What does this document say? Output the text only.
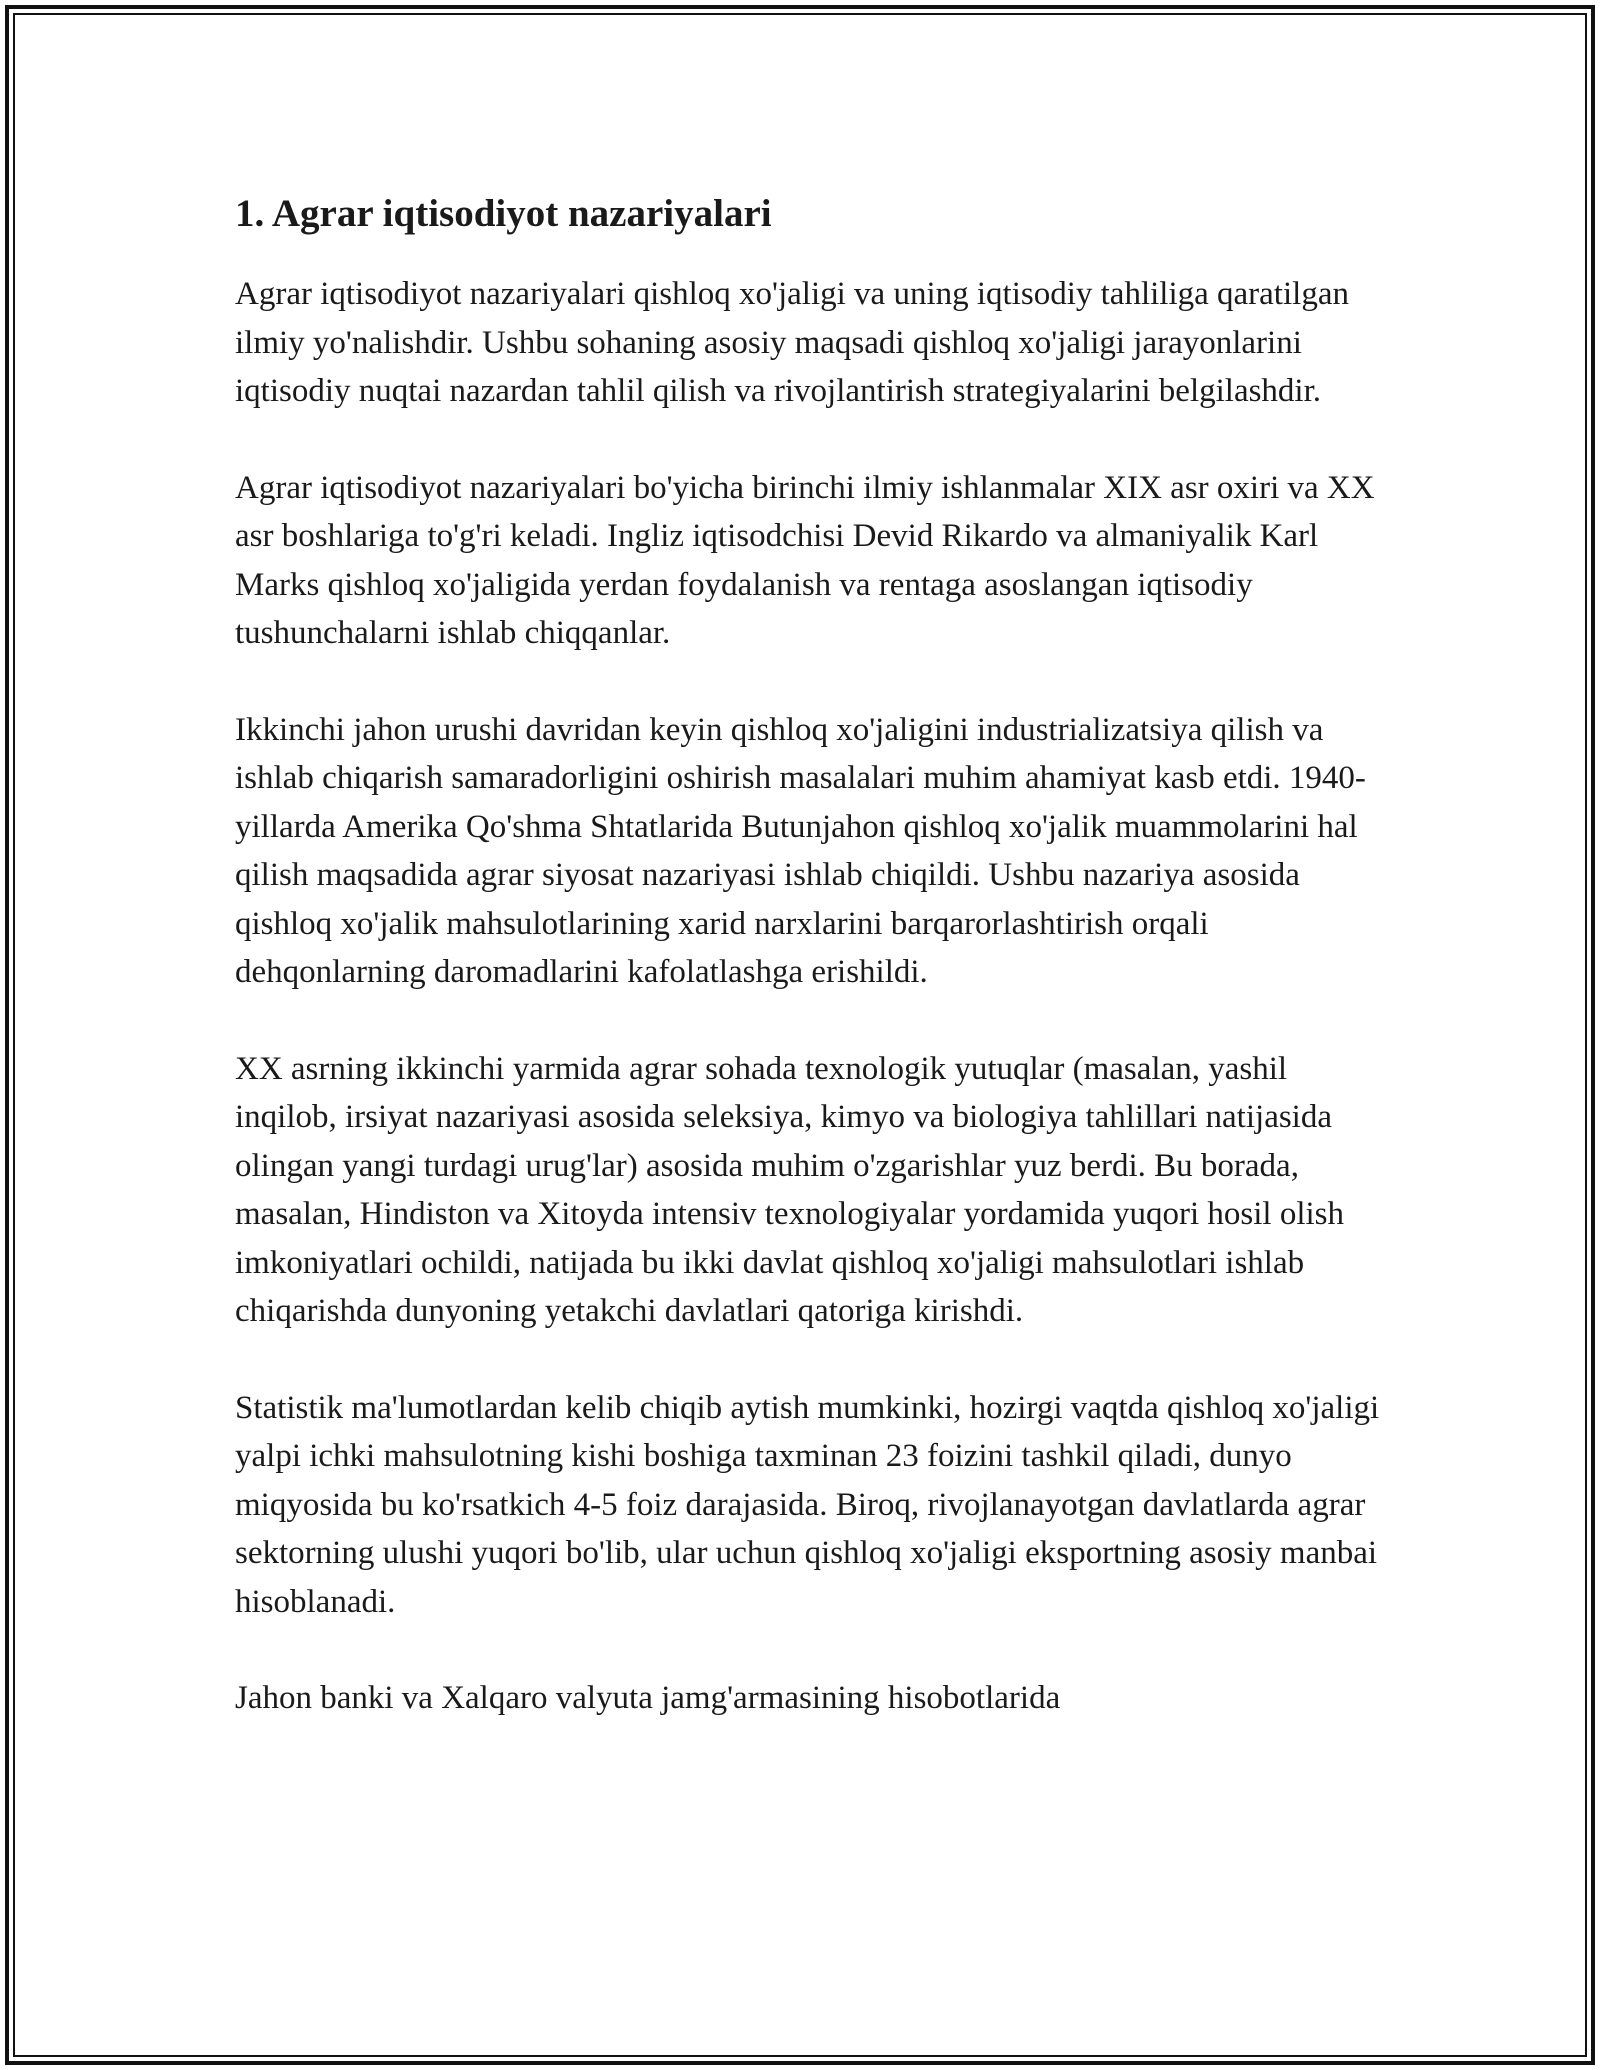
1. Agrar iqtisodiyot nazariyalari

Agrar iqtisodiyot nazariyalari qishloq xo'jaligi va uning iqtisodiy tahliliga qaratilgan ilmiy yo'nalishdir. Ushbu sohaning asosiy maqsadi qishloq xo'jaligi jarayonlarini iqtisodiy nuqtai nazardan tahlil qilish va rivojlantirish strategiyalarini belgilashdir.

Agrar iqtisodiyot nazariyalari bo'yicha birinchi ilmiy ishlanmalar XIX asr oxiri va XX asr boshlariga to'g'ri keladi. Ingliz iqtisodchisi Devid Rikardo va almaniyalik Karl Marks qishloq xo'jaligida yerdan foydalanish va rentaga asoslangan iqtisodiy tushunchalarni ishlab chiqqanlar.

Ikkinchi jahon urushi davridan keyin qishloq xo'jaligini industrializatsiya qilish va ishlab chiqarish samaradorligini oshirish masalalari muhim ahamiyat kasb etdi. 1940-yillarda Amerika Qo'shma Shtatlarida Butunjahon qishloq xo'jalik muammolarini hal qilish maqsadida agrar siyosat nazariyasi ishlab chiqildi. Ushbu nazariya asosida qishloq xo'jalik mahsulotlarining xarid narxlarini barqarorlashtirish orqali dehqonlarning daromadlarini kafolatlashga erishildi.

XX asrning ikkinchi yarmida agrar sohada texnologik yutuqlar (masalan, yashil inqilob, irsiyat nazariyasi asosida seleksiya, kimyo va biologiya tahlillari natijasida olingan yangi turdagi urug'lar) asosida muhim o'zgarishlar yuz berdi. Bu borada, masalan, Hindiston va Xitoyda intensiv texnologiyalar yordamida yuqori hosil olish imkoniyatlari ochildi, natijada bu ikki davlat qishloq xo'jaligi mahsulotlari ishlab chiqarishda dunyoning yetakchi davlatlari qatoriga kirishdi.

Statistik ma'lumotlardan kelib chiqib aytish mumkinki, hozirgi vaqtda qishloq xo'jaligi yalpi ichki mahsulotning kishi boshiga taxminan 23 foizini tashkil qiladi, dunyo miqyosida bu ko'rsatkich 4-5 foiz darajasida. Biroq, rivojlanayotgan davlatlarda agrar sektorning ulushi yuqori bo'lib, ular uchun qishloq xo'jaligi eksportning asosiy manbai hisoblanadi.

Jahon banki va Xalqaro valyuta jamg'armasining hisobotlarida
